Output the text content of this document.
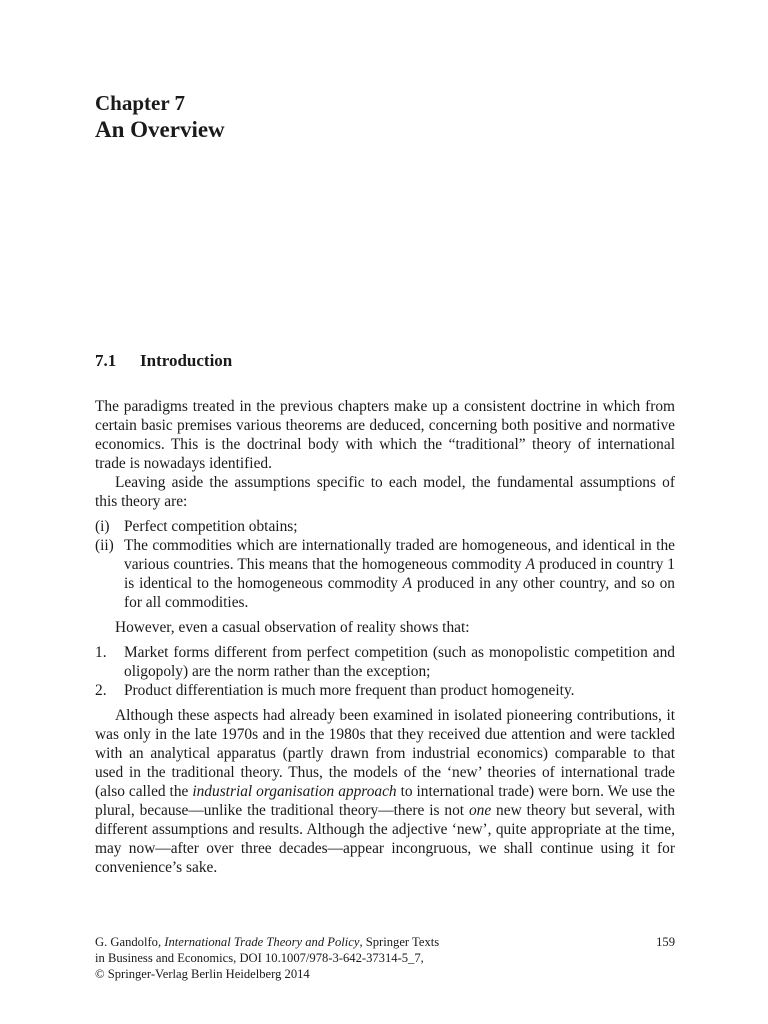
Chapter 7
An Overview
7.1 Introduction

The paradigms treated in the previous chapters make up a consistent doctrine in which from certain basic premises various theorems are deduced, concerning both positive and normative economics. This is the doctrinal body with which the “traditional” theory of international trade is nowadays identified.

Leaving aside the assumptions specific to each model, the fundamental assumptions of this theory are:

(i) Perfect competition obtains;
(ii) The commodities which are internationally traded are homogeneous, and identical in the various countries. This means that the homogeneous commodity A produced in country 1 is identical to the homogeneous commodity A produced in any other country, and so on for all commodities.

However, even a casual observation of reality shows that:

1.	Market forms different from perfect competition (such as monopolistic competition and oligopoly) are the norm rather than the exception;
2.	Product differentiation is much more frequent than product homogeneity.

Although these aspects had already been examined in isolated pioneering contributions, it was only in the late 1970s and in the 1980s that they received due attention and were tackled with an analytical apparatus (partly drawn from industrial economics) comparable to that used in the traditional theory. Thus, the models of the ‘new’ theories of international trade (also called the industrial organisation approach to international trade) were born. We use the plural, because—unlike the traditional theory—there is not one new theory but several, with different assumptions and results. Although the adjective ‘new’, quite appropriate at the time, may now—after over three decades—appear incongruous, we shall continue using it for convenience’s sake.

G. Gandolfo, International Trade Theory and Policy, Springer Texts
in Business and Economics, DOI 10.1007/978-3-642-37314-5_7,
© Springer-Verlag Berlin Heidelberg 2014
159
